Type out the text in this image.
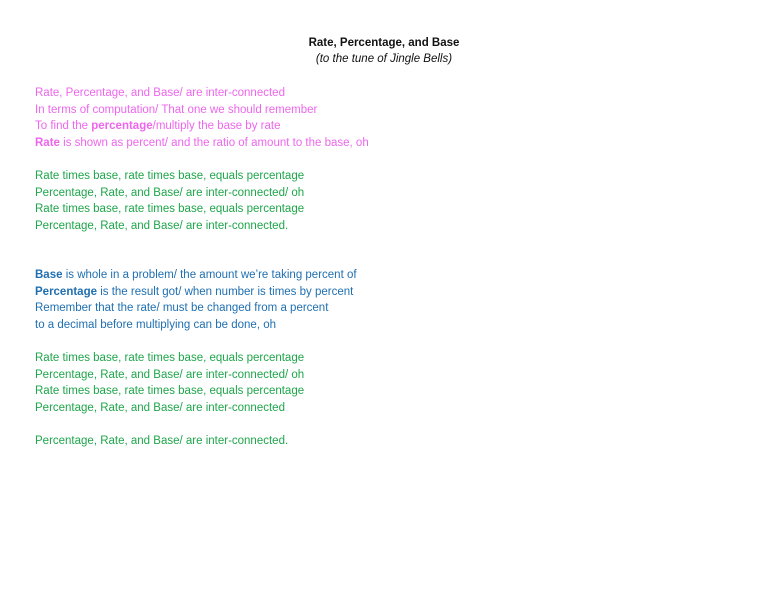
Rate, Percentage, and Base
(to the tune of Jingle Bells)
Rate, Percentage, and Base/ are inter-connected
In terms of computation/ That one we should remember
To find the percentage/multiply the base by rate
Rate is shown as percent/ and the ratio of amount to the base, oh
Rate times base, rate times base, equals percentage
Percentage, Rate, and Base/ are inter-connected/ oh
Rate times base, rate times base, equals percentage
Percentage, Rate, and Base/ are inter-connected.
Base is whole in a problem/ the amount we’re taking percent of
Percentage is the result got/ when number is times by percent
Remember that the rate/ must be changed from a percent
to a decimal before multiplying can be done, oh
Rate times base, rate times base, equals percentage
Percentage, Rate, and Base/ are inter-connected/ oh
Rate times base, rate times base, equals percentage
Percentage, Rate, and Base/ are inter-connected
Percentage, Rate, and Base/ are inter-connected.
